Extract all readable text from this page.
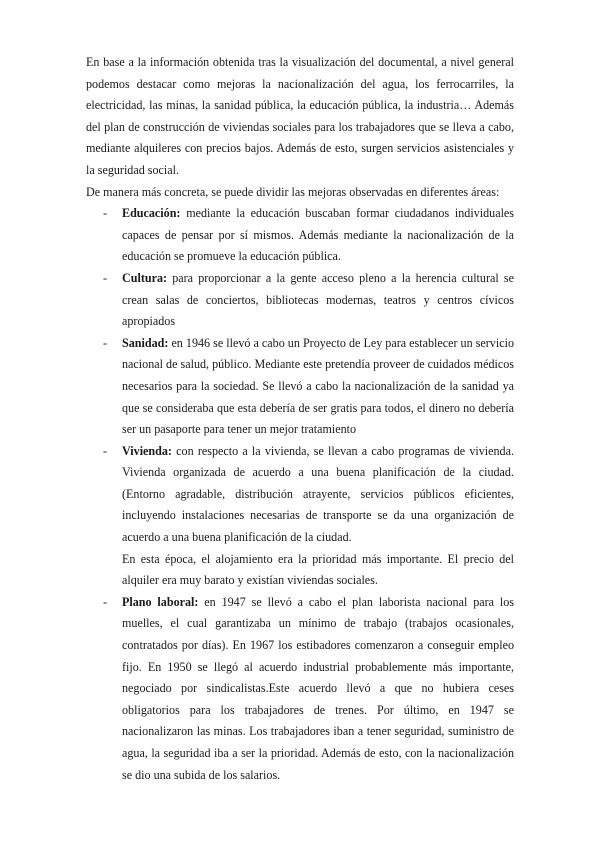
En base a la información obtenida tras la visualización del documental, a nivel general podemos destacar como mejoras la nacionalización del agua, los ferrocarriles, la electricidad, las minas, la sanidad pública, la educación pública, la industria… Además del plan de construcción de viviendas sociales para los trabajadores que se lleva a cabo, mediante alquileres con precios bajos. Además de esto, surgen servicios asistenciales y la seguridad social.

De manera más concreta, se puede dividir las mejoras observadas en diferentes áreas:

- Educación: mediante la educación buscaban formar ciudadanos individuales capaces de pensar por sí mismos. Además mediante la nacionalización de la educación se promueve la educación pública.
- Cultura: para proporcionar a la gente acceso pleno a la herencia cultural se crean salas de conciertos, bibliotecas modernas, teatros y centros cívicos apropiados
- Sanidad: en 1946 se llevó a cabo un Proyecto de Ley para establecer un servicio nacional de salud, público. Mediante este pretendía proveer de cuidados médicos necesarios para la sociedad. Se llevó a cabo la nacionalización de la sanidad ya que se consideraba que esta debería de ser gratis para todos, el dinero no debería ser un pasaporte para tener un mejor tratamiento
- Vivienda: con respecto a la vivienda, se llevan a cabo programas de vivienda. Vivienda organizada de acuerdo a una buena planificación de la ciudad. (Entorno agradable, distribución atrayente, servicios públicos eficientes, incluyendo instalaciones necesarias de transporte se da una organización de acuerdo a una buena planificación de la ciudad.
En esta época, el alojamiento era la prioridad más importante. El precio del alquiler era muy barato y existían viviendas sociales.
- Plano laboral: en 1947 se llevó a cabo el plan laborista nacional para los muelles, el cual garantizaba un mínimo de trabajo (trabajos ocasionales, contratados por días). En 1967 los estibadores comenzaron a conseguir empleo fijo. En 1950 se llegó al acuerdo industrial probablemente más importante, negociado por sindicalistas.Este acuerdo llevó a que no hubiera ceses obligatorios para los trabajadores de trenes. Por último, en 1947 se nacionalizaron las minas. Los trabajadores iban a tener seguridad, suministro de agua, la seguridad iba a ser la prioridad. Además de esto, con la nacionalización se dio una subida de los salarios.
